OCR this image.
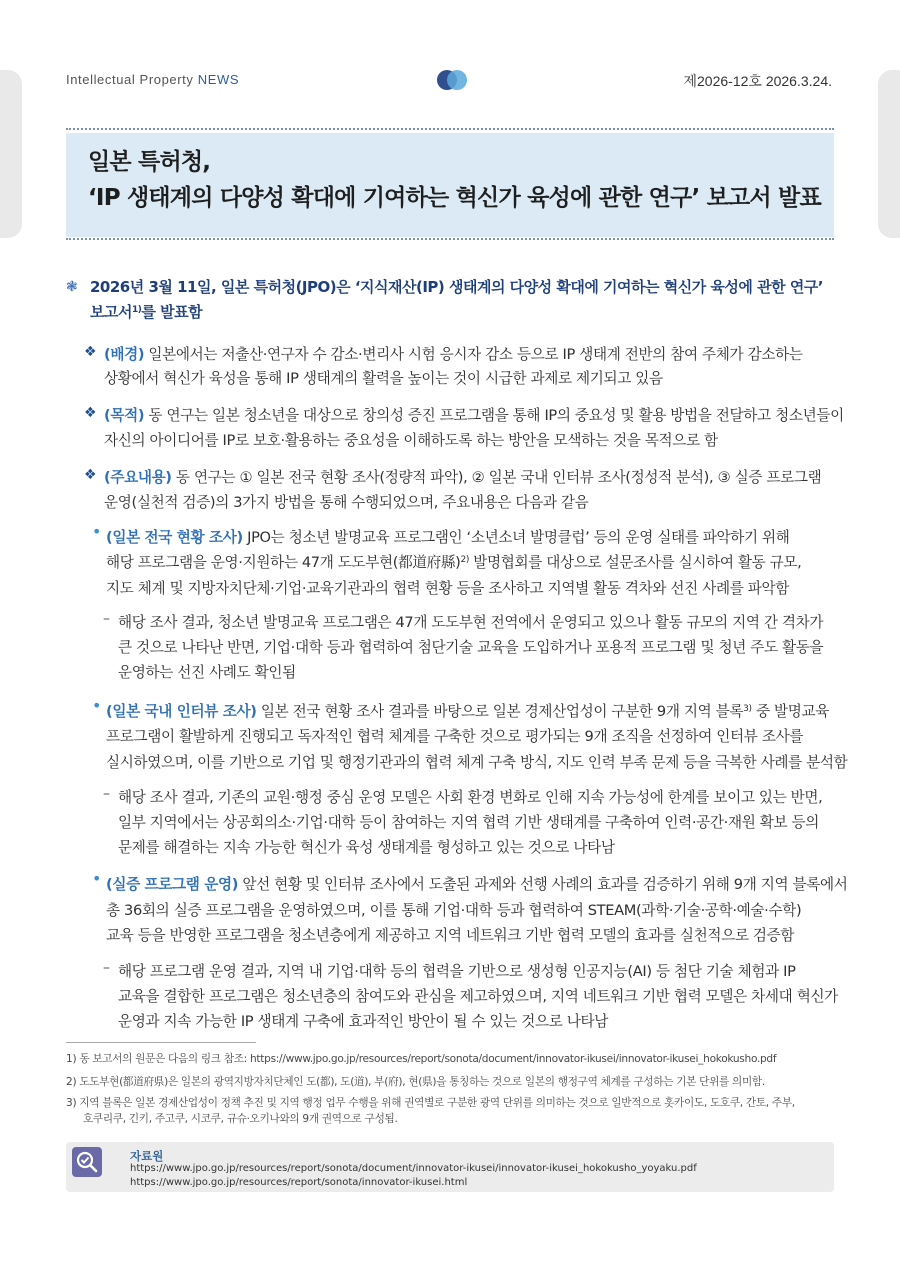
Intellectual Property NEWS	제2026-12호 2026.3.24.
일본 특허청,
‘IP 생태계의 다양성 확대에 기여하는 혁신가 육성에 관한 연구’ 보고서 발표
❃ 2026년 3월 11일, 일본 특허청(JPO)은 ‘지식재산(IP) 생태계의 다양성 확대에 기여하는 혁신가 육성에 관한 연구’
보고서$^{1)}$를 발표함
❖ (배경) 일본에서는 저출산·연구자 수 감소·변리사 시험 응시자 감소 등으로 IP 생태계 전반의 참여 주체가 감소하는
상황에서 혁신가 육성을 통해 IP 생태계의 활력을 높이는 것이 시급한 과제로 제기되고 있음
❖ (목적) 동 연구는 일본 청소년을 대상으로 창의성 증진 프로그램을 통해 IP의 중요성 및 활용 방법을 전달하고 청소년들이
자신의 아이디어를 IP로 보호·활용하는 중요성을 이해하도록 하는 방안을 모색하는 것을 목적으로 함
❖ (주요내용) 동 연구는 ① 일본 전국 현황 조사(정량적 파악), ② 일본 국내 인터뷰 조사(정성적 분석), ③ 실증 프로그램
운영(실천적 검증)의 3가지 방법을 통해 수행되었으며, 주요내용은 다음과 같음
• (일본 전국 현황 조사) JPO는 청소년 발명교육 프로그램인 ‘소년소녀 발명클럽’ 등의 운영 실태를 파악하기 위해
해당 프로그램을 운영·지원하는 47개 도도부현(都道府縣)$^{2)}$ 발명협회를 대상으로 설문조사를 실시하여 활동 규모,
지도 체계 및 지방자치단체·기업·교육기관과의 협력 현황 등을 조사하고 지역별 활동 격차와 선진 사례를 파악함
– 해당 조사 결과, 청소년 발명교육 프로그램은 47개 도도부현 전역에서 운영되고 있으나 활동 규모의 지역 간 격차가
큰 것으로 나타난 반면, 기업·대학 등과 협력하여 첨단기술 교육을 도입하거나 포용적 프로그램 및 청년 주도 활동을
운영하는 선진 사례도 확인됨
• (일본 국내 인터뷰 조사) 일본 전국 현황 조사 결과를 바탕으로 일본 경제산업성이 구분한 9개 지역 블록$^{3)}$ 중 발명교육
프로그램이 활발하게 진행되고 독자적인 협력 체계를 구축한 것으로 평가되는 9개 조직을 선정하여 인터뷰 조사를
실시하였으며, 이를 기반으로 기업 및 행정기관과의 협력 체계 구축 방식, 지도 인력 부족 문제 등을 극복한 사례를 분석함
– 해당 조사 결과, 기존의 교원·행정 중심 운영 모델은 사회 환경 변화로 인해 지속 가능성에 한계를 보이고 있는 반면,
일부 지역에서는 상공회의소·기업·대학 등이 참여하는 지역 협력 기반 생태계를 구축하여 인력·공간·재원 확보 등의
문제를 해결하는 지속 가능한 혁신가 육성 생태계를 형성하고 있는 것으로 나타남
• (실증 프로그램 운영) 앞선 현황 및 인터뷰 조사에서 도출된 과제와 선행 사례의 효과를 검증하기 위해 9개 지역 블록에서
총 36회의 실증 프로그램을 운영하였으며, 이를 통해 기업·대학 등과 협력하여 STEAM(과학·기술·공학·예술·수학)
교육 등을 반영한 프로그램을 청소년층에게 제공하고 지역 네트워크 기반 협력 모델의 효과를 실천적으로 검증함
– 해당 프로그램 운영 결과, 지역 내 기업·대학 등의 협력을 기반으로 생성형 인공지능(AI) 등 첨단 기술 체험과 IP
교육을 결합한 프로그램은 청소년층의 참여도와 관심을 제고하였으며, 지역 네트워크 기반 협력 모델은 차세대 혁신가
운영과 지속 가능한 IP 생태계 구축에 효과적인 방안이 될 수 있는 것으로 나타남
1) 동 보고서의 원문은 다음의 링크 참조: https://www.jpo.go.jp/resources/report/sonota/document/innovator-ikusei/innovator-ikusei_hokokusho.pdf
2) 도도부현(都道府県)은 일본의 광역지방자치단체인 도(都), 도(道), 부(府), 현(県)을 통칭하는 것으로 일본의 행정구역 체계를 구성하는 기본 단위를 의미함.
3) 지역 블록은 일본 경제산업성이 정책 추진 및 지역 행정 업무 수행을 위해 권역별로 구분한 광역 단위를 의미하는 것으로 일반적으로 홋카이도, 도호쿠, 간토, 주부,
호쿠리쿠, 긴키, 주고쿠, 시코쿠, 규슈·오키나와의 9개 권역으로 구성됨.
자료원
https://www.jpo.go.jp/resources/report/sonota/document/innovator-ikusei/innovator-ikusei_hokokusho_yoyaku.pdf
https://www.jpo.go.jp/resources/report/sonota/innovator-ikusei.html
